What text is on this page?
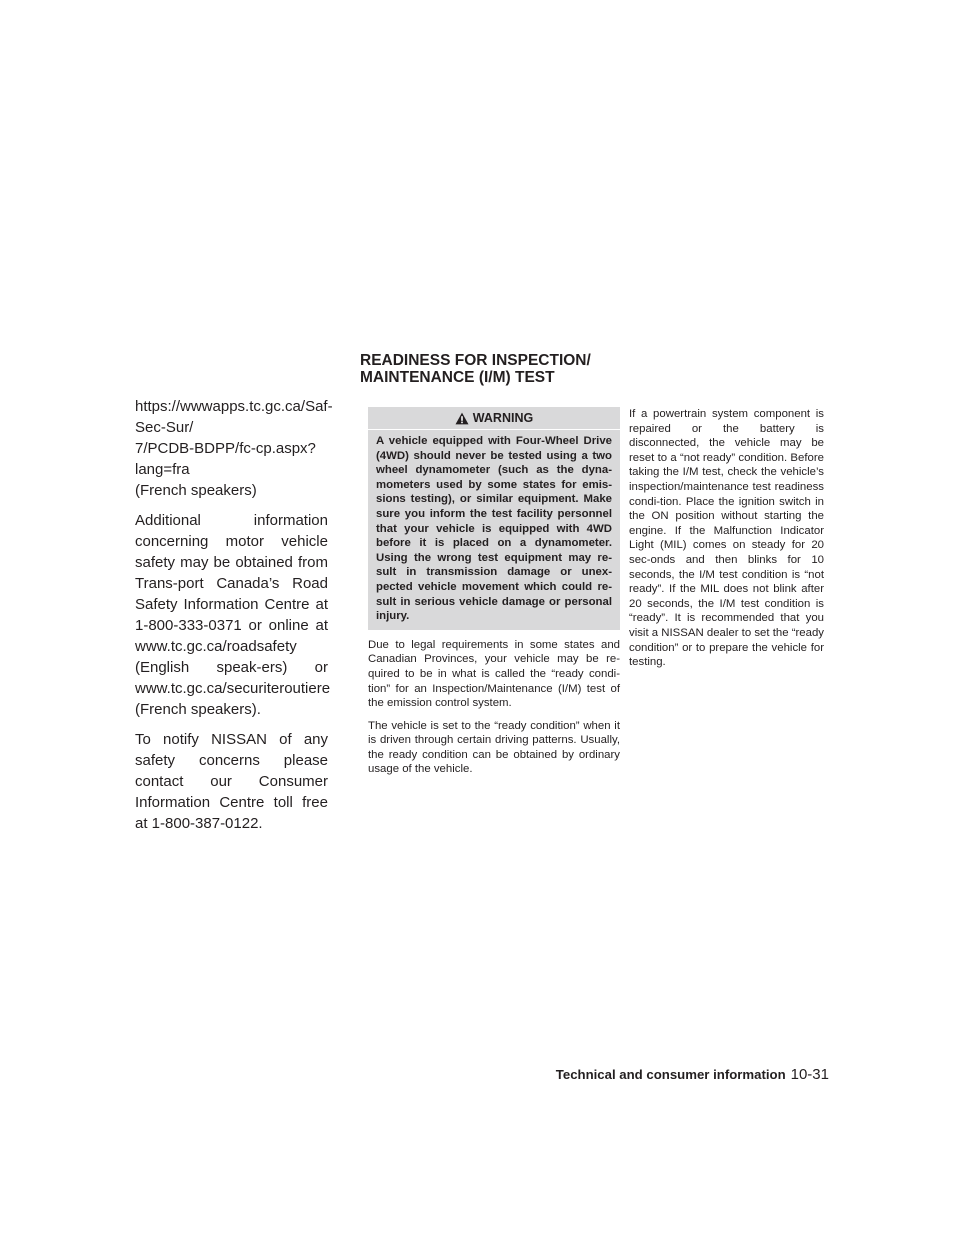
READINESS FOR INSPECTION/
MAINTENANCE (I/M) TEST

https://wwwapps.tc.gc.ca/Saf-Sec-Sur/
7/PCDB-BDPP/fc-cp.aspx?lang=fra
(French speakers)

Additional information concerning motor vehicle safety may be obtained from Trans-port Canada’s Road Safety Information Centre at 1-800-333-0371 or online at www.tc.gc.ca/roadsafety (English speak-ers) or www.tc.gc.ca/securiteroutiere (French speakers).

To notify NISSAN of any safety concerns please contact our Consumer Information Centre toll free at 1-800-387-0122.

WARNING

A vehicle equipped with Four-Wheel Drive (4WD) should never be tested using a two wheel dynamometer (such as the dyna-mometers used by some states for emis-sions testing), or similar equipment. Make sure you inform the test facility personnel that your vehicle is equipped with 4WD before it is placed on a dynamometer. Using the wrong test equipment may re-sult in transmission damage or unex-pected vehicle movement which could re-sult in serious vehicle damage or personal injury.

Due to legal requirements in some states and Canadian Provinces, your vehicle may be re-quired to be in what is called the “ready condi-tion” for an Inspection/Maintenance (I/M) test of the emission control system.

The vehicle is set to the “ready condition” when it is driven through certain driving patterns. Usually, the ready condition can be obtained by ordinary usage of the vehicle.

If a powertrain system component is repaired or the battery is disconnected, the vehicle may be reset to a “not ready” condition. Before taking the I/M test, check the vehicle’s inspection/maintenance test readiness condi-tion. Place the ignition switch in the ON position without starting the engine. If the Malfunction Indicator Light (MIL) comes on steady for 20 sec-onds and then blinks for 10 seconds, the I/M test condition is “not ready”. If the MIL does not blink after 20 seconds, the I/M test condition is “ready”. It is recommended that you visit a NISSAN dealer to set the “ready condition” or to prepare the vehicle for testing.

Technical and consumer information 10-31
